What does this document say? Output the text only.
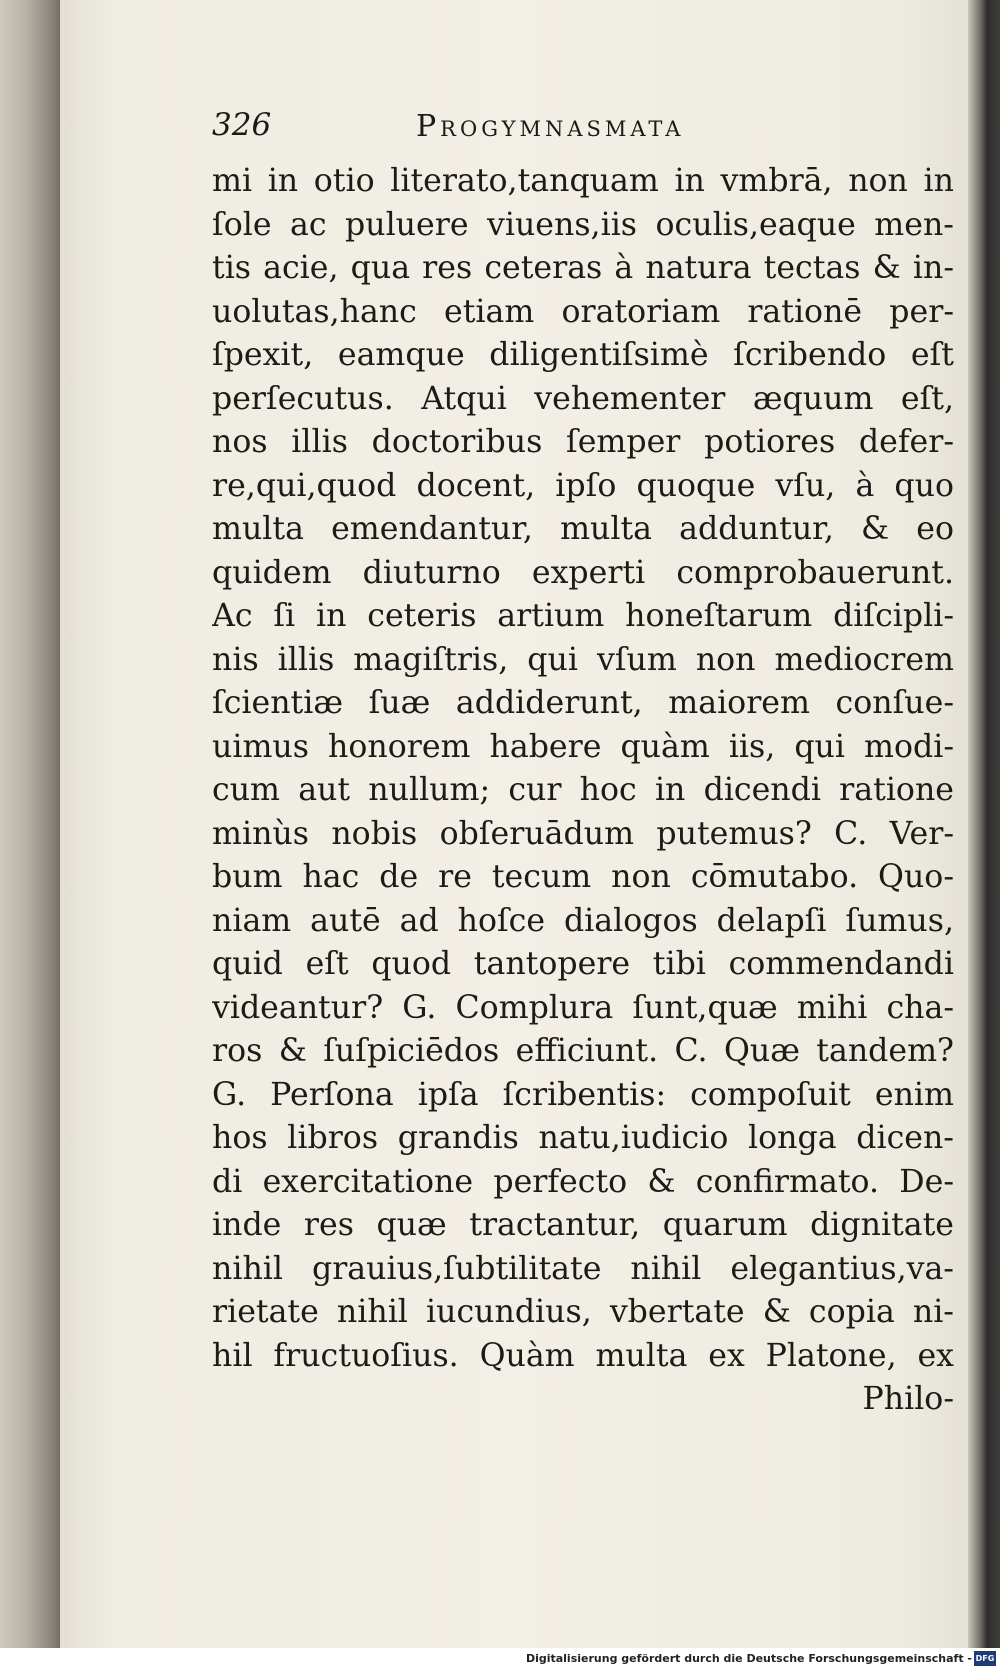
326	Progymnasmata
mi in otio literato,tanquam in vmbrā, non in
ſole ac puluere viuens,iis oculis,eaque men-
tis acie, qua res ceteras à natura tectas & in-
uolutas,hanc etiam oratoriam rationē per-
ſpexit, eamque diligentiſsimè ſcribendo eſt
perſecutus. Atqui vehementer æquum eſt,
nos illis doctoribus ſemper potiores defer-
re,qui,quod docent, ipſo quoque vſu, à quo
multa emendantur, multa adduntur, & eo
quidem diuturno experti comprobauerunt.
Ac ſi in ceteris artium honeſtarum diſcipli-
nis illis magiſtris, qui vſum non mediocrem
ſcientiæ ſuæ addiderunt, maiorem conſue-
uimus honorem habere quàm iis, qui modi-
cum aut nullum; cur hoc in dicendi ratione
minùs nobis obſeruādum putemus? C. Ver-
bum hac de re tecum non cōmutabo. Quo-
niam autē ad hoſce dialogos delapſi ſumus,
quid eſt quod tantopere tibi commendandi
videantur? G. Complura ſunt,quæ mihi cha-
ros & ſuſpiciēdos efficiunt. C. Quæ tandem?
G. Perſona ipſa ſcribentis: compoſuit enim
hos libros grandis natu,iudicio longa dicen-
di exercitatione perfecto & confirmato. De-
inde res quæ tractantur, quarum dignitate
nihil grauius,ſubtilitate nihil elegantius,va-
rietate nihil iucundius, vbertate & copia ni-
hil fructuoſius. Quàm multa ex Platone, ex
Philo-
Digitalisierung gefördert durch die Deutsche Forschungsgemeinschaft - DFG
